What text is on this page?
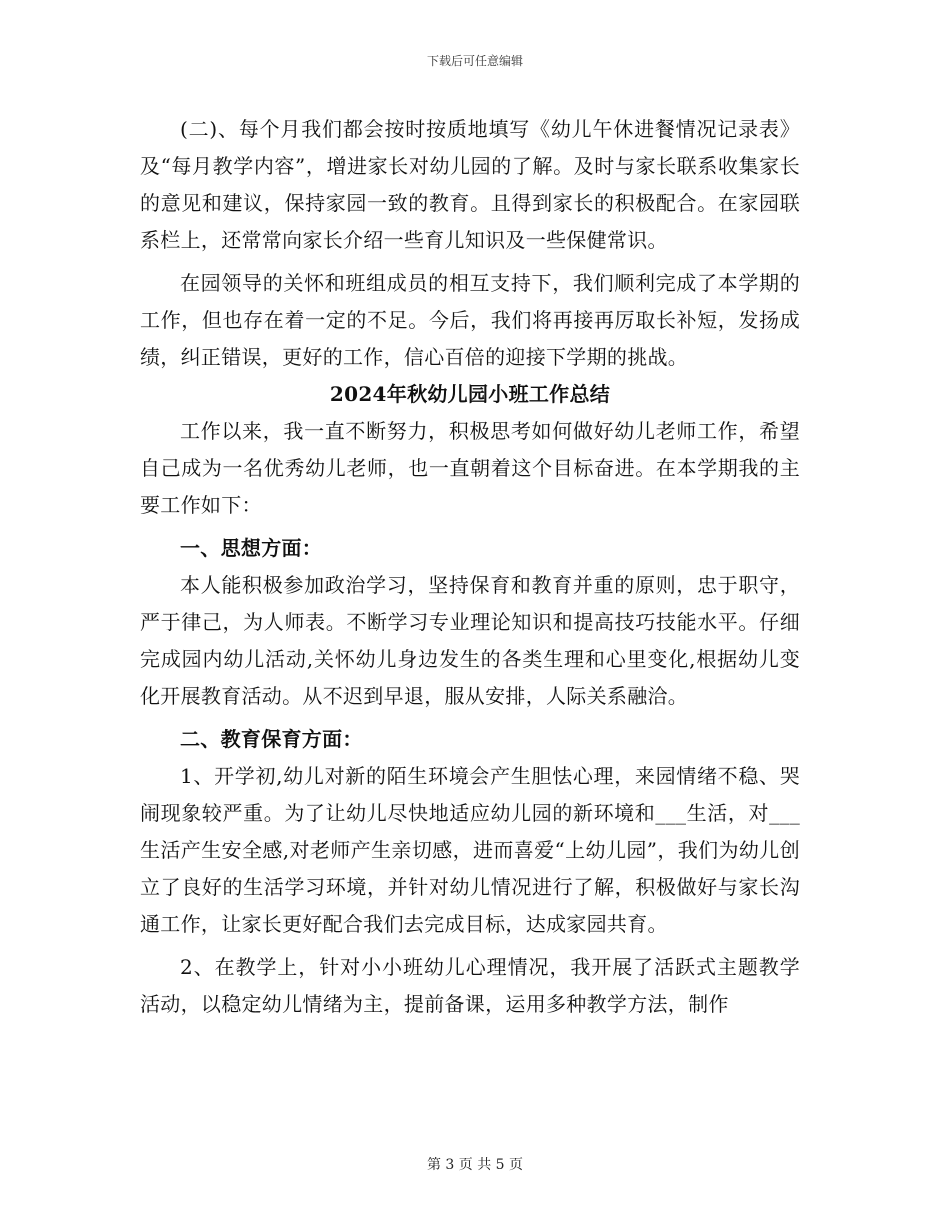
下载后可任意编辑

(二)、每个月我们都会按时按质地填写《幼儿午休进餐情况记录表》及“每月教学内容”，增进家长对幼儿园的了解。及时与家长联系收集家长的意见和建议，保持家园一致的教育。且得到家长的积极配合。在家园联系栏上，还常常向家长介绍一些育儿知识及一些保健常识。

在园领导的关怀和班组成员的相互支持下，我们顺利完成了本学期的工作，但也存在着一定的不足。今后，我们将再接再厉取长补短，发扬成绩，纠正错误，更好的工作，信心百倍的迎接下学期的挑战。

2024年秋幼儿园小班工作总结

工作以来，我一直不断努力，积极思考如何做好幼儿老师工作，希望自己成为一名优秀幼儿老师，也一直朝着这个目标奋进。在本学期我的主要工作如下：

一、思想方面：

本人能积极参加政治学习，坚持保育和教育并重的原则，忠于职守，严于律己，为人师表。不断学习专业理论知识和提高技巧技能水平。仔细完成园内幼儿活动,关怀幼儿身边发生的各类生理和心里变化,根据幼儿变化开展教育活动。从不迟到早退，服从安排，人际关系融洽。

二、教育保育方面：

1、开学初,幼儿对新的陌生环境会产生胆怯心理，来园情绪不稳、哭闹现象较严重。为了让幼儿尽快地适应幼儿园的新环境和___生活，对___生活产生安全感,对老师产生亲切感，进而喜爱“上幼儿园”，我们为幼儿创立了良好的生活学习环境，并针对幼儿情况进行了解，积极做好与家长沟通工作，让家长更好配合我们去完成目标，达成家园共育。

2、在教学上，针对小小班幼儿心理情况，我开展了活跃式主题教学活动，以稳定幼儿情绪为主，提前备课，运用多种教学方法，制作

第 3 页 共 5 页
